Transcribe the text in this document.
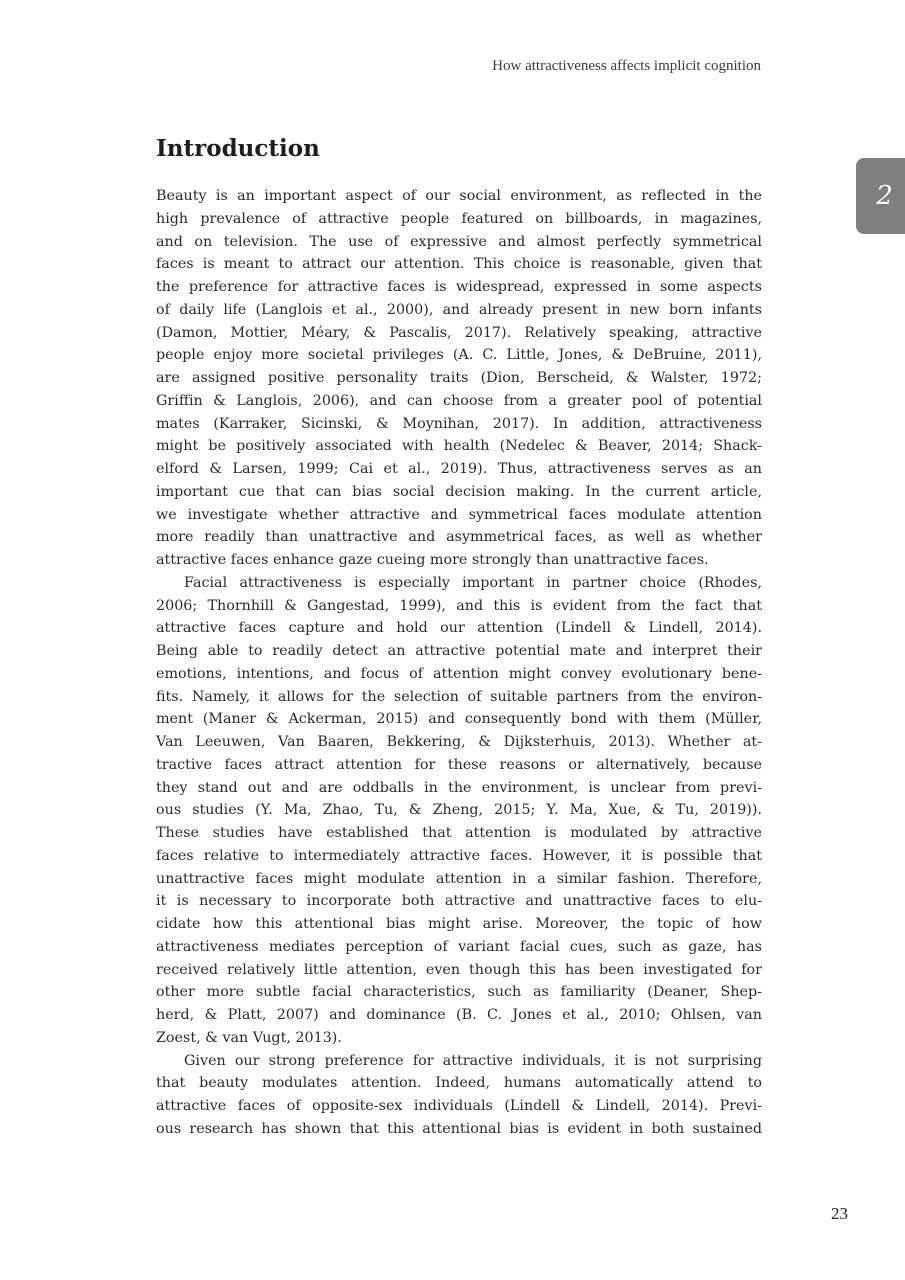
How attractiveness affects implicit cognition
2
Introduction
Beauty is an important aspect of our social environment, as reflected in the
high prevalence of attractive people featured on billboards, in magazines,
and on television. The use of expressive and almost perfectly symmetrical
faces is meant to attract our attention. This choice is reasonable, given that
the preference for attractive faces is widespread, expressed in some aspects
of daily life (Langlois et al., 2000), and already present in new born infants
(Damon, Mottier, Méary, & Pascalis, 2017). Relatively speaking, attractive
people enjoy more societal privileges (A. C. Little, Jones, & DeBruine, 2011),
are assigned positive personality traits (Dion, Berscheid, & Walster, 1972;
Griffin & Langlois, 2006), and can choose from a greater pool of potential
mates (Karraker, Sicinski, & Moynihan, 2017). In addition, attractiveness
might be positively associated with health (Nedelec & Beaver, 2014; Shack-
elford & Larsen, 1999; Cai et al., 2019). Thus, attractiveness serves as an
important cue that can bias social decision making. In the current article,
we investigate whether attractive and symmetrical faces modulate attention
more readily than unattractive and asymmetrical faces, as well as whether
attractive faces enhance gaze cueing more strongly than unattractive faces.
Facial attractiveness is especially important in partner choice (Rhodes,
2006; Thornhill & Gangestad, 1999), and this is evident from the fact that
attractive faces capture and hold our attention (Lindell & Lindell, 2014).
Being able to readily detect an attractive potential mate and interpret their
emotions, intentions, and focus of attention might convey evolutionary bene-
fits. Namely, it allows for the selection of suitable partners from the environ-
ment (Maner & Ackerman, 2015) and consequently bond with them (Müller,
Van Leeuwen, Van Baaren, Bekkering, & Dijksterhuis, 2013). Whether at-
tractive faces attract attention for these reasons or alternatively, because
they stand out and are oddballs in the environment, is unclear from previ-
ous studies (Y. Ma, Zhao, Tu, & Zheng, 2015; Y. Ma, Xue, & Tu, 2019)).
These studies have established that attention is modulated by attractive
faces relative to intermediately attractive faces. However, it is possible that
unattractive faces might modulate attention in a similar fashion. Therefore,
it is necessary to incorporate both attractive and unattractive faces to elu-
cidate how this attentional bias might arise. Moreover, the topic of how
attractiveness mediates perception of variant facial cues, such as gaze, has
received relatively little attention, even though this has been investigated for
other more subtle facial characteristics, such as familiarity (Deaner, Shep-
herd, & Platt, 2007) and dominance (B. C. Jones et al., 2010; Ohlsen, van
Zoest, & van Vugt, 2013).
Given our strong preference for attractive individuals, it is not surprising
that beauty modulates attention. Indeed, humans automatically attend to
attractive faces of opposite-sex individuals (Lindell & Lindell, 2014). Previ-
ous research has shown that this attentional bias is evident in both sustained
23
